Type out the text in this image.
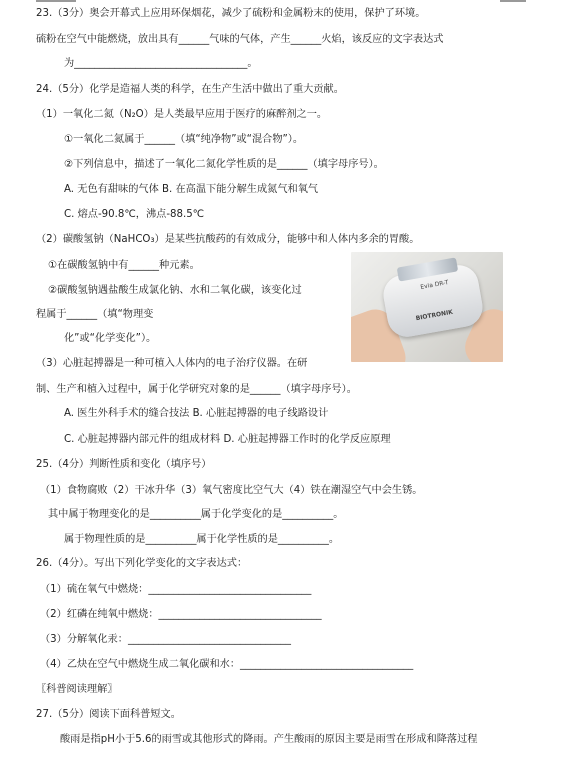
23.（3分）奥会开幕式上应用环保烟花，减少了硫粉和金属粉末的使用，保护了环境。
硫粉在空气中能燃烧，放出具有______气味的气体，产生______火焰，该反应的文字表达式
为__________________________________。
24.（5分）化学是造福人类的科学，在生产生活中做出了重大贡献。
（1）一氧化二氮（N₂O）是人类最早应用于医疗的麻醉剂之一。
①一氧化二氮属于______（填“纯净物”或“混合物”）。
②下列信息中，描述了一氧化二氮化学性质的是______（填字母序号）。
A. 无色有甜味的气体 B. 在高温下能分解生成氮气和氧气
C. 熔点-90.8℃，沸点-88.5℃
（2）碳酸氢钠（NaHCO₃）是某些抗酸药的有效成分，能够中和人体内多余的胃酸。
①在碳酸氢钠中有______种元素。
②碳酸氢钠遇盐酸生成氯化钠、水和二氧化碳，该变化过
程属于______（填“物理变
化”或“化学变化”）。
（3）心脏起搏器是一种可植入人体内的电子治疗仪器。在研
制、生产和植入过程中，属于化学研究对象的是______（填字母序号）。
A. 医生外科手术的缝合技法 B. 心脏起搏器的电子线路设计
C. 心脏起搏器内部元件的组成材料 D. 心脏起搏器工作时的化学反应原理
25.（4分）判断性质和变化（填序号）
（1）食物腐败（2）干冰升华（3）氧气密度比空气大（4）铁在潮湿空气中会生锈。
其中属于物理变化的是__________属于化学变化的是__________。
属于物理性质的是__________属于化学性质的是__________。
26.（4分）。写出下列化学变化的文字表达式：
（1）硫在氧气中燃烧：________________________________
（2）红磷在纯氧中燃烧：________________________________
（3）分解氧化汞：________________________________
（4）乙炔在空气中燃烧生成二氧化碳和水：__________________________________
〖科普阅读理解〗
27.（5分）阅读下面科普短文。
酸雨是指pH小于5.6的雨雪或其他形式的降雨。产生酸雨的原因主要是雨雪在形成和降落过程
Evia DR-T
BIOTRONIK
